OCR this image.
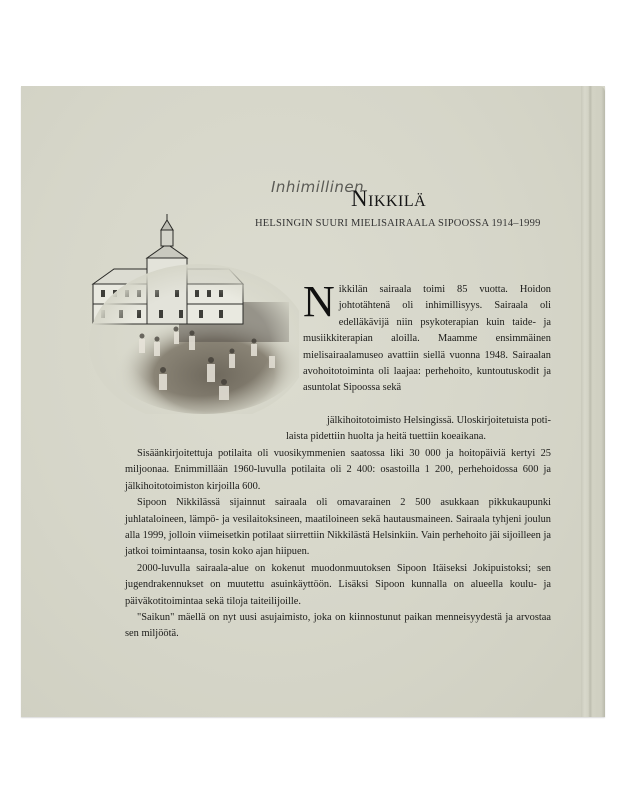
Inhimillinen
Nikkilä
HELSINGIN SUURI MIELISAIRAALA SIPOOSSA 1914–1999
Nikkilän sairaala toimi 85 vuotta. Hoidon johtotähtenä oli inhimillisyys. Sairaala oli edelläkävijä niin psykoterapian kuin taide- ja musiikkiterapian aloilla. Maamme ensimmäinen mielisairaalamuseo avattiin siellä vuonna 1948. Sairaalan avohoitotoiminta oli laajaa: perhehoito, kuntoutuskodit ja asuntolat Sipoossa sekä
jälkihoitotoimisto Helsingissä. Uloskirjoitetuista poti-
laista pidettiin huolta ja heitä tuettiin koeaikana.

Sisäänkirjoitettuja potilaita oli vuosikymmenien saatossa liki 30 000 ja hoitopäiviä kertyi 25 miljoonaa. Enimmillään 1960-luvulla potilaita oli 2 400: osastoilla 1 200, perhehoidossa 600 ja jälkihoitotoimiston kirjoilla 600.

Sipoon Nikkilässä sijainnut sairaala oli omavarainen 2 500 asukkaan pikkukaupunki juhlataloineen, lämpö- ja vesilaitoksineen, maatiloineen sekä hautausmaineen. Sairaala tyhjeni joulun alla 1999, jolloin viimeisetkin potilaat siirrettiin Nikkilästä Helsinkiin. Vain perhehoito jäi sijoilleen ja jatkoi toimintaansa, tosin koko ajan hiipuen.

2000-luvulla sairaala-alue on kokenut muodonmuutoksen Sipoon Itäiseksi Jokipuistoksi; sen jugendrakennukset on muutettu asuinkäyttöön. Lisäksi Sipoon kunnalla on alueella koulu- ja päiväkotitoimintaa sekä tiloja taiteilijoille.

"Saikun" mäellä on nyt uusi asujaimisto, joka on kiinnostunut paikan menneisyydestä ja arvostaa sen miljöötä.
